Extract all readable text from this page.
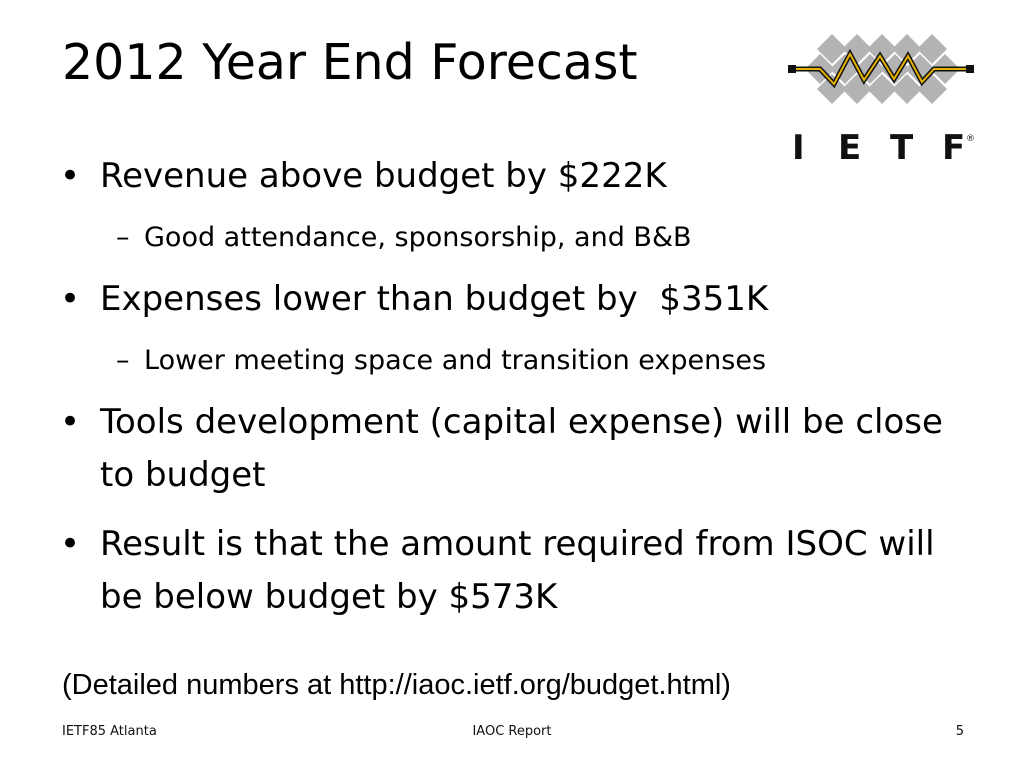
2012 Year End Forecast
I E T F ®
• Revenue above budget by $222K
– Good attendance, sponsorship, and B&B
• Expenses lower than budget by  $351K
– Lower meeting space and transition expenses
• Tools development (capital expense) will be close to budget
• Result is that the amount required from ISOC will be below budget by $573K

(Detailed numbers at http://iaoc.ietf.org/budget.html)

IETF85 Atlanta	IAOC Report	5
